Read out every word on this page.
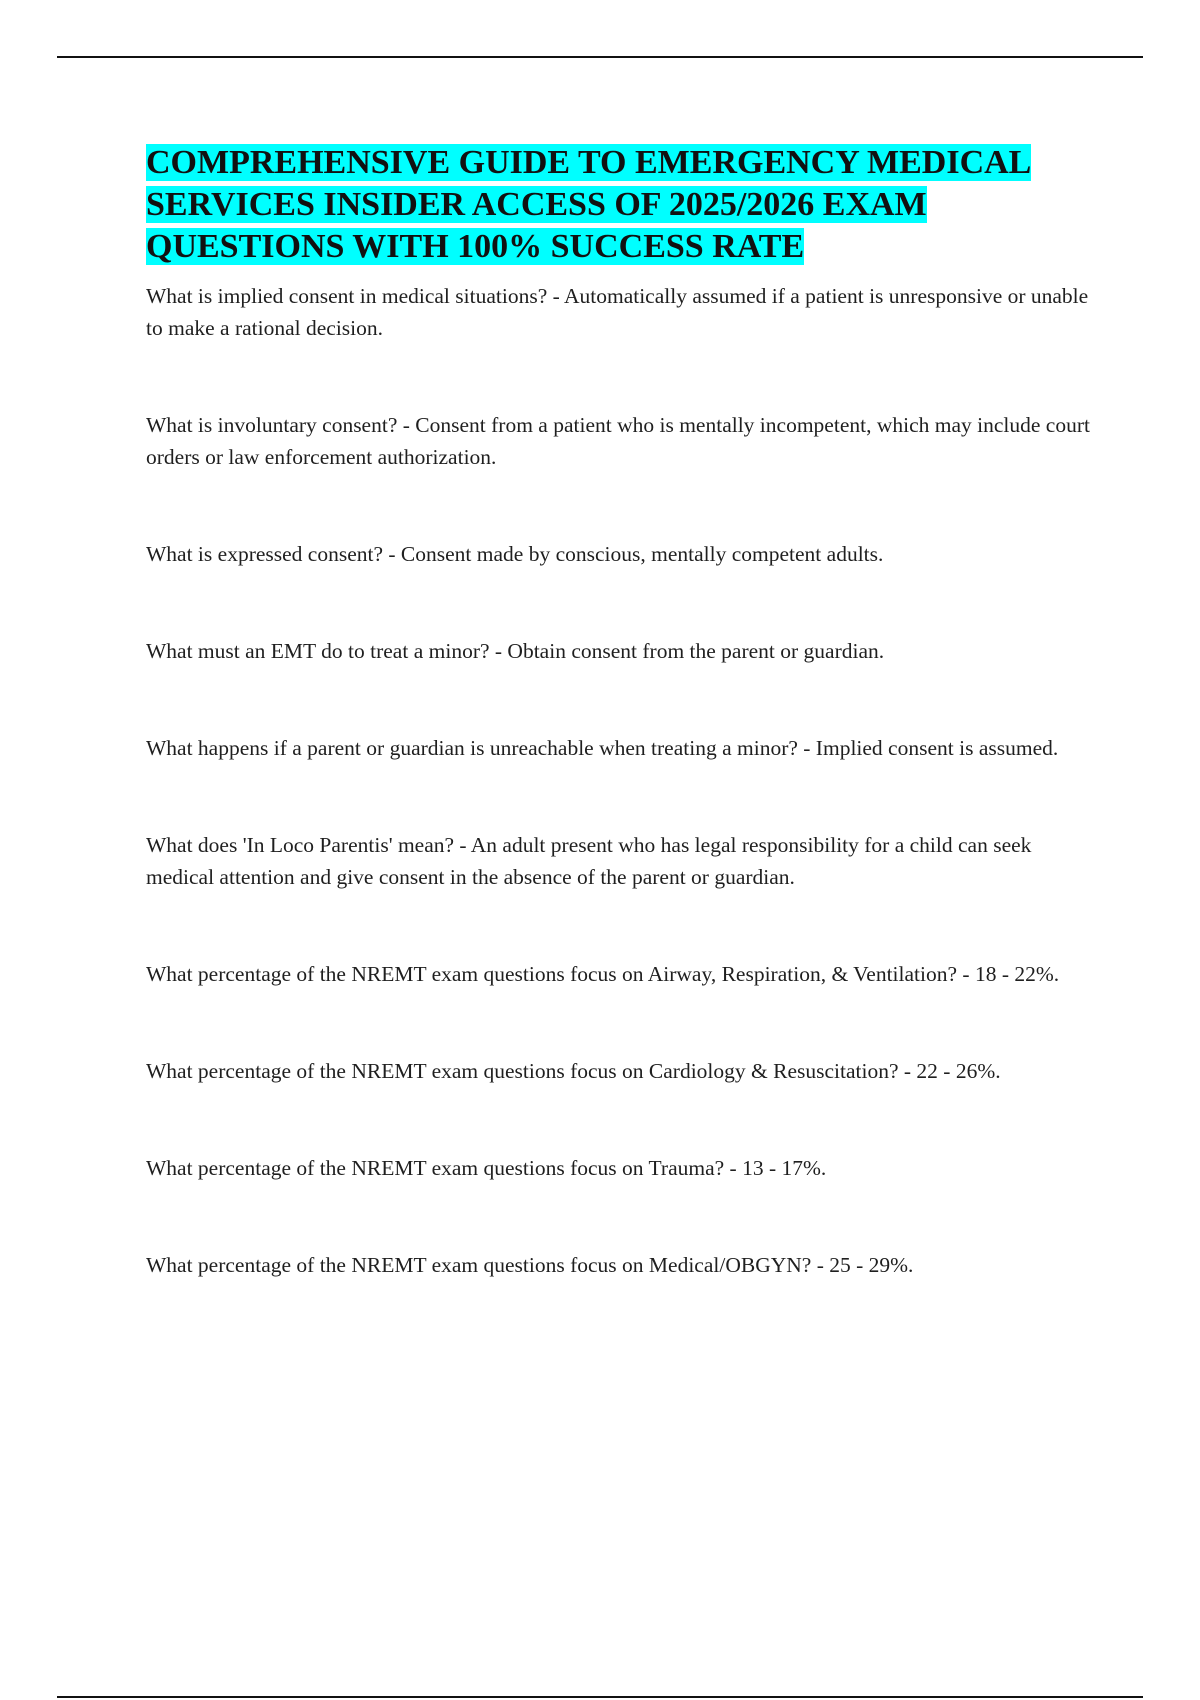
COMPREHENSIVE GUIDE TO EMERGENCY MEDICAL SERVICES INSIDER ACCESS OF 2025/2026 EXAM QUESTIONS WITH 100% SUCCESS RATE

What is implied consent in medical situations? - Automatically assumed if a patient is unresponsive or unable to make a rational decision.

What is involuntary consent? - Consent from a patient who is mentally incompetent, which may include court orders or law enforcement authorization.

What is expressed consent? - Consent made by conscious, mentally competent adults.

What must an EMT do to treat a minor? - Obtain consent from the parent or guardian.

What happens if a parent or guardian is unreachable when treating a minor? - Implied consent is assumed.

What does 'In Loco Parentis' mean? - An adult present who has legal responsibility for a child can seek medical attention and give consent in the absence of the parent or guardian.

What percentage of the NREMT exam questions focus on Airway, Respiration, & Ventilation? - 18 - 22%.

What percentage of the NREMT exam questions focus on Cardiology & Resuscitation? - 22 - 26%.

What percentage of the NREMT exam questions focus on Trauma? - 13 - 17%.

What percentage of the NREMT exam questions focus on Medical/OBGYN? - 25 - 29%.
